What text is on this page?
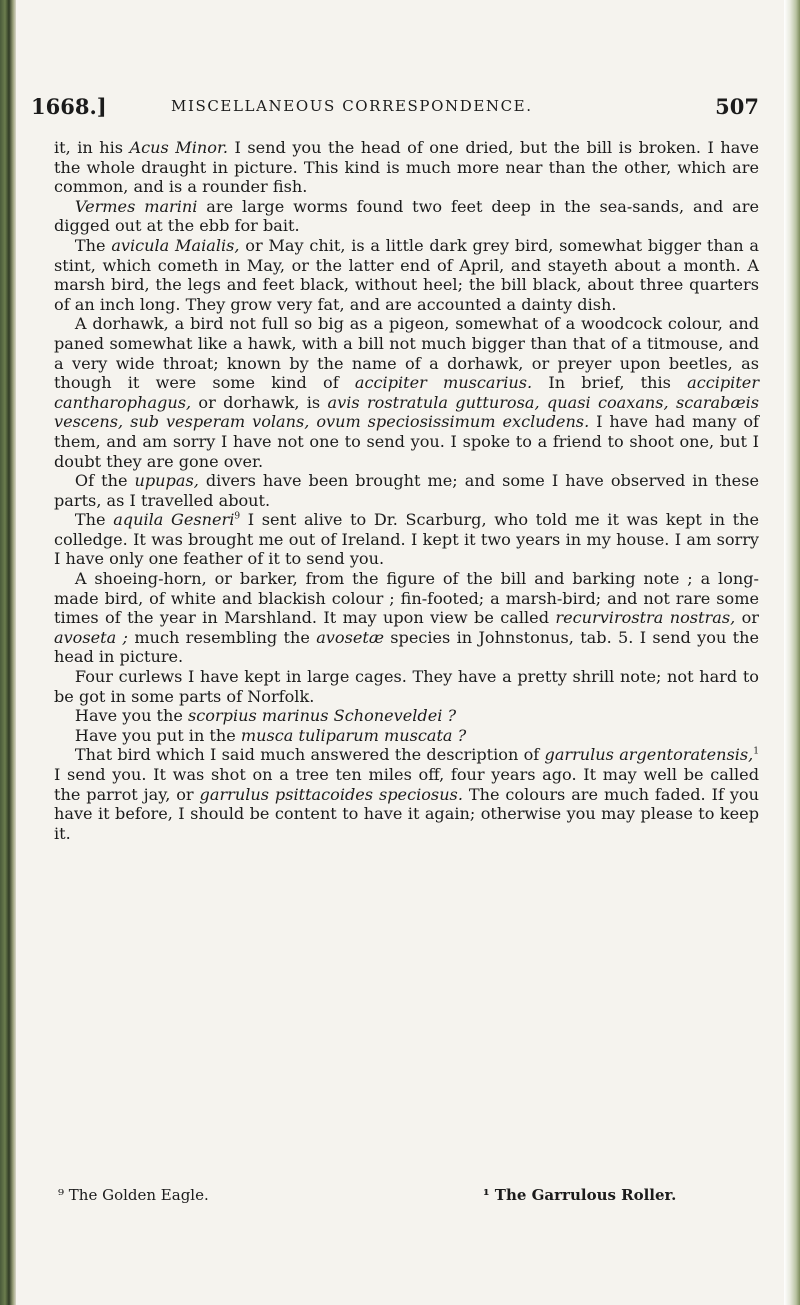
1668.]	MISCELLANEOUS CORRESPONDENCE.	507

it, in his Acus Minor. I send you the head of one dried, but the bill is broken. I have the whole draught in picture. This kind is much more near than the other, which are common, and is a rounder fish.

Vermes marini are large worms found two feet deep in the sea-sands, and are digged out at the ebb for bait.

The avicula Maialis, or May chit, is a little dark grey bird, somewhat bigger than a stint, which cometh in May, or the latter end of April, and stayeth about a month. A marsh bird, the legs and feet black, without heel; the bill black, about three quarters of an inch long. They grow very fat, and are accounted a dainty dish.

A dorhawk, a bird not full so big as a pigeon, somewhat of a woodcock colour, and paned somewhat like a hawk, with a bill not much bigger than that of a titmouse, and a very wide throat; known by the name of a dorhawk, or preyer upon beetles, as though it were some kind of accipiter muscarius. In brief, this accipiter cantharophagus, or dorhawk, is avis rostratula gutturosa, quasi coaxans, scarabæis vescens, sub vesperam volans, ovum speciosissimum excludens. I have had many of them, and am sorry I have not one to send you. I spoke to a friend to shoot one, but I doubt they are gone over.

Of the upupas, divers have been brought me; and some I have observed in these parts, as I travelled about.

The aquila Gesneri$^9$ I sent alive to Dr. Scarburg, who told me it was kept in the colledge. It was brought me out of Ireland. I kept it two years in my house. I am sorry I have only one feather of it to send you.

A shoeing-horn, or barker, from the figure of the bill and barking note ; a long-made bird, of white and blackish colour ; fin-footed; a marsh-bird; and not rare some times of the year in Marshland. It may upon view be called recurvirostra nostras, or avoseta ; much resembling the avosetæ species in Johnstonus, tab. 5. I send you the head in picture.

Four curlews I have kept in large cages. They have a pretty shrill note; not hard to be got in some parts of Norfolk.

Have you the scorpius marinus Schoneveldei ?

Have you put in the musca tuliparum muscata ?

That bird which I said much answered the description of garrulus argentoratensis,$^1$ I send you. It was shot on a tree ten miles off, four years ago. It may well be called the parrot jay, or garrulus psittacoides speciosus. The colours are much faded. If you have it before, I should be content to have it again; otherwise you may please to keep it.

⁹ The Golden Eagle.	¹ The Garrulous Roller.
